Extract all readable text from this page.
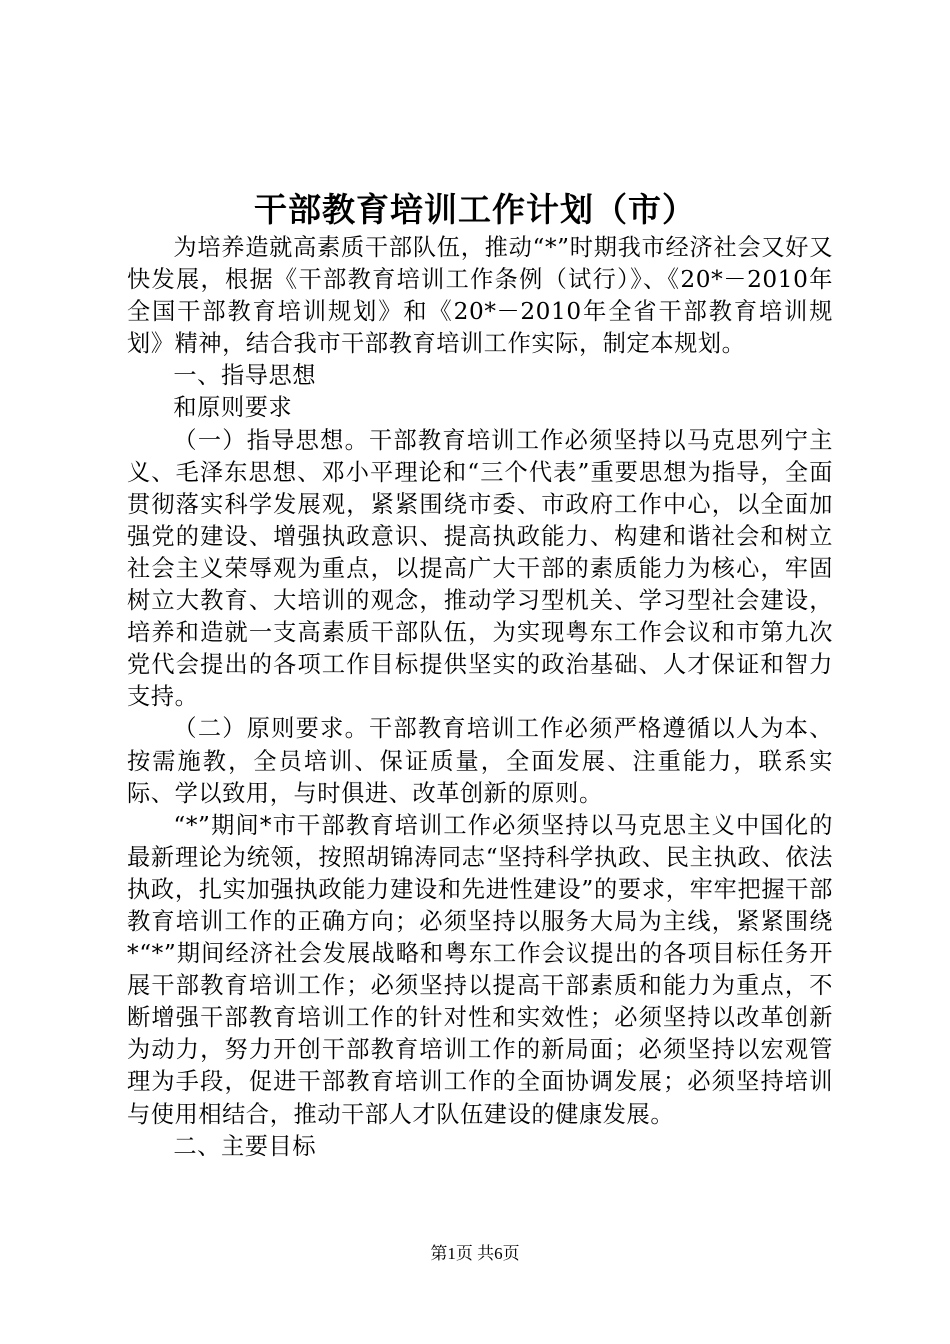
干部教育培训工作计划（市）

为培养造就高素质干部队伍，推动“*”时期我市经济社会又好又快发展，根据《干部教育培训工作条例（试行）》、《20*－2010年全国干部教育培训规划》和《20*－2010年全省干部教育培训规划》精神，结合我市干部教育培训工作实际，制定本规划。

一、指导思想

和原则要求

（一）指导思想。干部教育培训工作必须坚持以马克思列宁主义、毛泽东思想、邓小平理论和“三个代表”重要思想为指导，全面贯彻落实科学发展观，紧紧围绕市委、市政府工作中心，以全面加强党的建设、增强执政意识、提高执政能力、构建和谐社会和树立社会主义荣辱观为重点，以提高广大干部的素质能力为核心，牢固树立大教育、大培训的观念，推动学习型机关、学习型社会建设，培养和造就一支高素质干部队伍，为实现粤东工作会议和市第九次党代会提出的各项工作目标提供坚实的政治基础、人才保证和智力支持。

（二）原则要求。干部教育培训工作必须严格遵循以人为本、按需施教，全员培训、保证质量，全面发展、注重能力，联系实际、学以致用，与时俱进、改革创新的原则。

“*”期间*市干部教育培训工作必须坚持以马克思主义中国化的最新理论为统领，按照胡锦涛同志“坚持科学执政、民主执政、依法执政，扎实加强执政能力建设和先进性建设”的要求，牢牢把握干部教育培训工作的正确方向；必须坚持以服务大局为主线，紧紧围绕*“*”期间经济社会发展战略和粤东工作会议提出的各项目标任务开展干部教育培训工作；必须坚持以提高干部素质和能力为重点，不断增强干部教育培训工作的针对性和实效性；必须坚持以改革创新为动力，努力开创干部教育培训工作的新局面；必须坚持以宏观管理为手段，促进干部教育培训工作的全面协调发展；必须坚持培训与使用相结合，推动干部人才队伍建设的健康发展。

二、主要目标

第1页 共6页
